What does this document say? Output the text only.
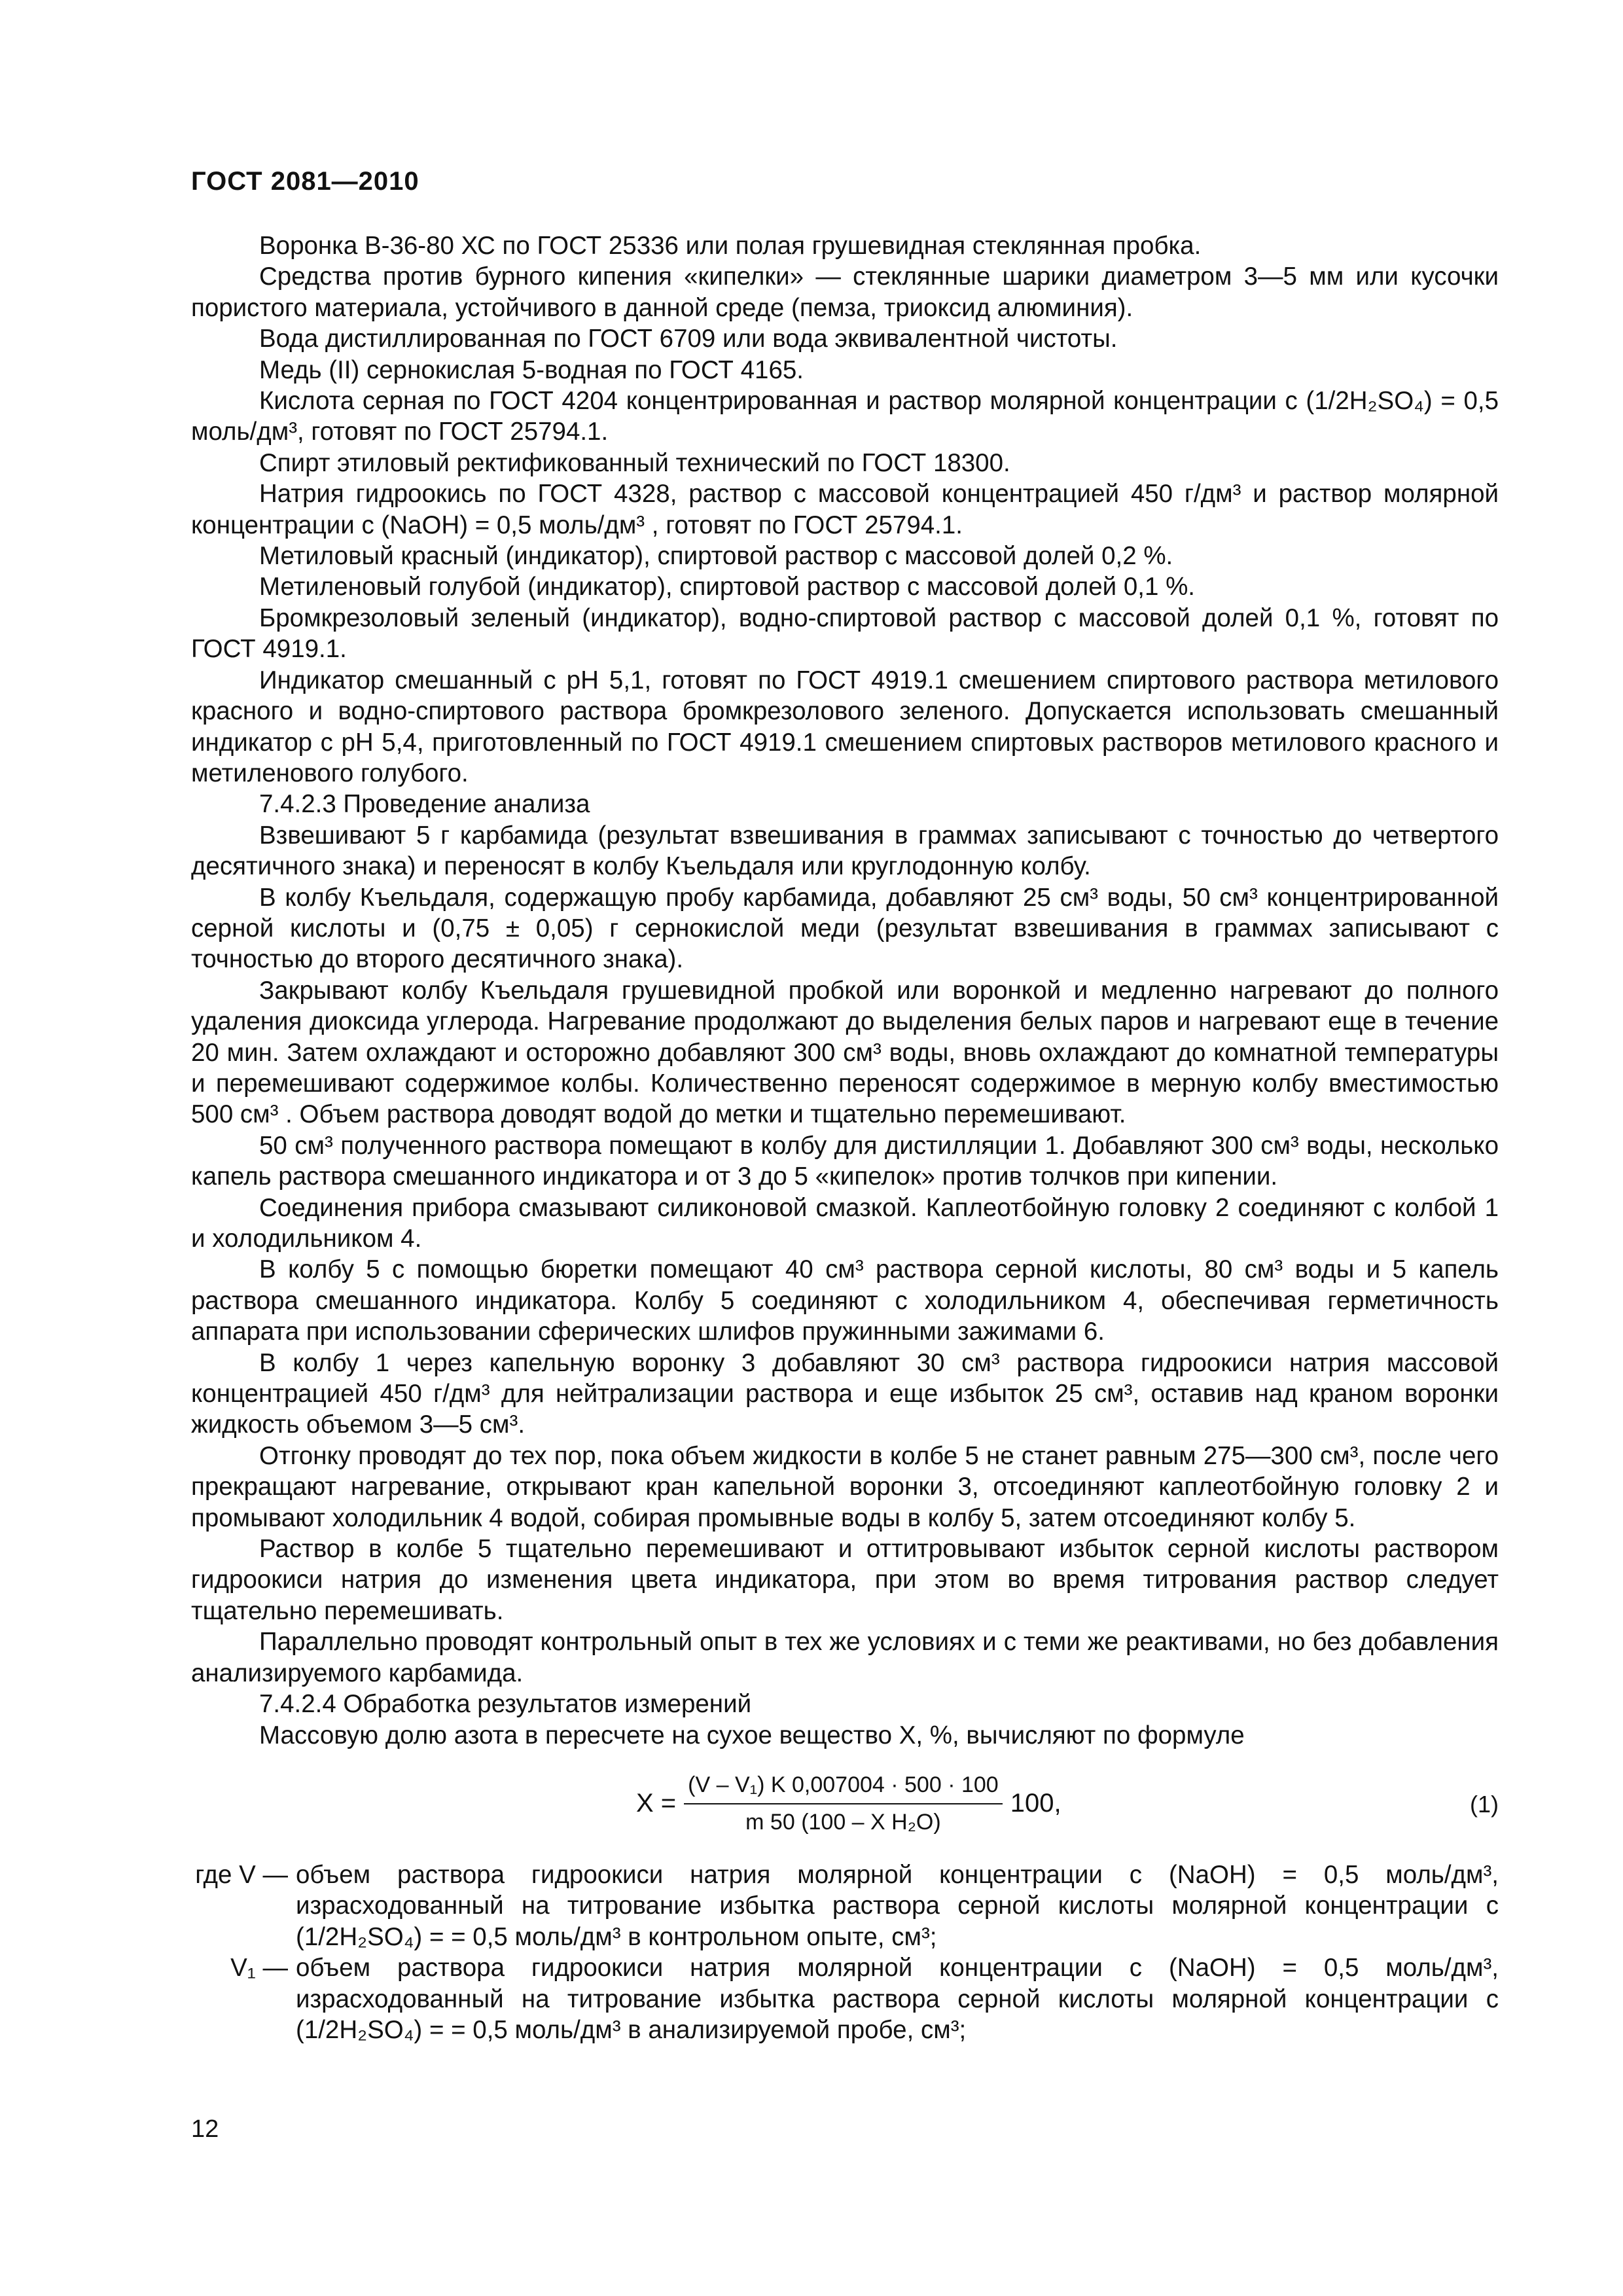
ГОСТ 2081—2010

Воронка В-36-80 ХС по ГОСТ 25336 или полая грушевидная стеклянная пробка.

Средства против бурного кипения «кипелки» — стеклянные шарики диаметром 3—5 мм или кусочки пористого материала, устойчивого в данной среде (пемза, триоксид алюминия).

Вода дистиллированная по ГОСТ 6709 или вода эквивалентной чистоты.

Медь (II) сернокислая 5-водная по ГОСТ 4165.

Кислота серная по ГОСТ 4204 концентрированная и раствор молярной концентрации c (1/2H₂SO₄) = 0,5 моль/дм³, готовят по ГОСТ 25794.1.

Спирт этиловый ректификованный технический по ГОСТ 18300.

Натрия гидроокись по ГОСТ 4328, раствор с массовой концентрацией 450 г/дм³ и раствор молярной концентрации c (NaOH) = 0,5 моль/дм³ , готовят по ГОСТ 25794.1.

Метиловый красный (индикатор), спиртовой раствор с массовой долей 0,2 %.

Метиленовый голубой (индикатор), спиртовой раствор с массовой долей 0,1 %.

Бромкрезоловый зеленый (индикатор), водно-спиртовой раствор с массовой долей 0,1 %, готовят по ГОСТ 4919.1.

Индикатор смешанный с pH 5,1, готовят по ГОСТ 4919.1 смешением спиртового раствора метилового красного и водно-спиртового раствора бромкрезолового зеленого. Допускается использовать смешанный индикатор с pH 5,4, приготовленный по ГОСТ 4919.1 смешением спиртовых растворов метилового красного и метиленового голубого.

7.4.2.3 Проведение анализа

Взвешивают 5 г карбамида (результат взвешивания в граммах записывают с точностью до четвертого десятичного знака) и переносят в колбу Къельдаля или круглодонную колбу.

В колбу Къельдаля, содержащую пробу карбамида, добавляют 25 см³ воды, 50 см³ концентрированной серной кислоты и (0,75 ± 0,05) г сернокислой меди (результат взвешивания в граммах записывают с точностью до второго десятичного знака).

Закрывают колбу Къельдаля грушевидной пробкой или воронкой и медленно нагревают до полного удаления диоксида углерода. Нагревание продолжают до выделения белых паров и нагревают еще в течение 20 мин. Затем охлаждают и осторожно добавляют 300 см³ воды, вновь охлаждают до комнатной температуры и перемешивают содержимое колбы. Количественно переносят содержимое в мерную колбу вместимостью 500 см³ . Объем раствора доводят водой до метки и тщательно перемешивают.

50 см³ полученного раствора помещают в колбу для дистилляции 1. Добавляют 300 см³ воды, несколько капель раствора смешанного индикатора и от 3 до 5 «кипелок» против толчков при кипении.

Соединения прибора смазывают силиконовой смазкой. Каплеотбойную головку 2 соединяют с колбой 1 и холодильником 4.

В колбу 5 с помощью бюретки помещают 40 см³ раствора серной кислоты, 80 см³ воды и 5 капель раствора смешанного индикатора. Колбу 5 соединяют с холодильником 4, обеспечивая герметичность аппарата при использовании сферических шлифов пружинными зажимами 6.

В колбу 1 через капельную воронку 3 добавляют 30 см³ раствора гидроокиси натрия массовой концентрацией 450 г/дм³ для нейтрализации раствора и еще избыток 25 см³, оставив над краном воронки жидкость объемом 3—5 см³.

Отгонку проводят до тех пор, пока объем жидкости в колбе 5 не станет равным 275—300 см³, после чего прекращают нагревание, открывают кран капельной воронки 3, отсоединяют каплеотбойную головку 2 и промывают холодильник 4 водой, собирая промывные воды в колбу 5, затем отсоединяют колбу 5.

Раствор в колбе 5 тщательно перемешивают и оттитровывают избыток серной кислоты раствором гидроокиси натрия до изменения цвета индикатора, при этом во время титрования раствор следует тщательно перемешивать.

Параллельно проводят контрольный опыт в тех же условиях и с теми же реактивами, но без добавления анализируемого карбамида.

7.4.2.4 Обработка результатов измерений

Массовую долю азота в пересчете на сухое вещество X, %, вычисляют по формуле

$X = \frac{\text{(V – V₁) K 0,007004 · 500 · 100}}{\text{m 50 (100 – X H₂O)}} 100$,	(1)
где V — объем раствора гидроокиси натрия молярной концентрации c (NaOH) = 0,5 моль/дм³, израсходованный на титрование избытка раствора серной кислоты молярной концентрации c (1/2H₂SO₄) = = 0,5 моль/дм³ в контрольном опыте, см³;
V₁ — объем раствора гидроокиси натрия молярной концентрации c (NaOH) = 0,5 моль/дм³, израсходованный на титрование избытка раствора серной кислоты молярной концентрации c (1/2H₂SO₄) = = 0,5 моль/дм³ в анализируемой пробе, см³;
12
